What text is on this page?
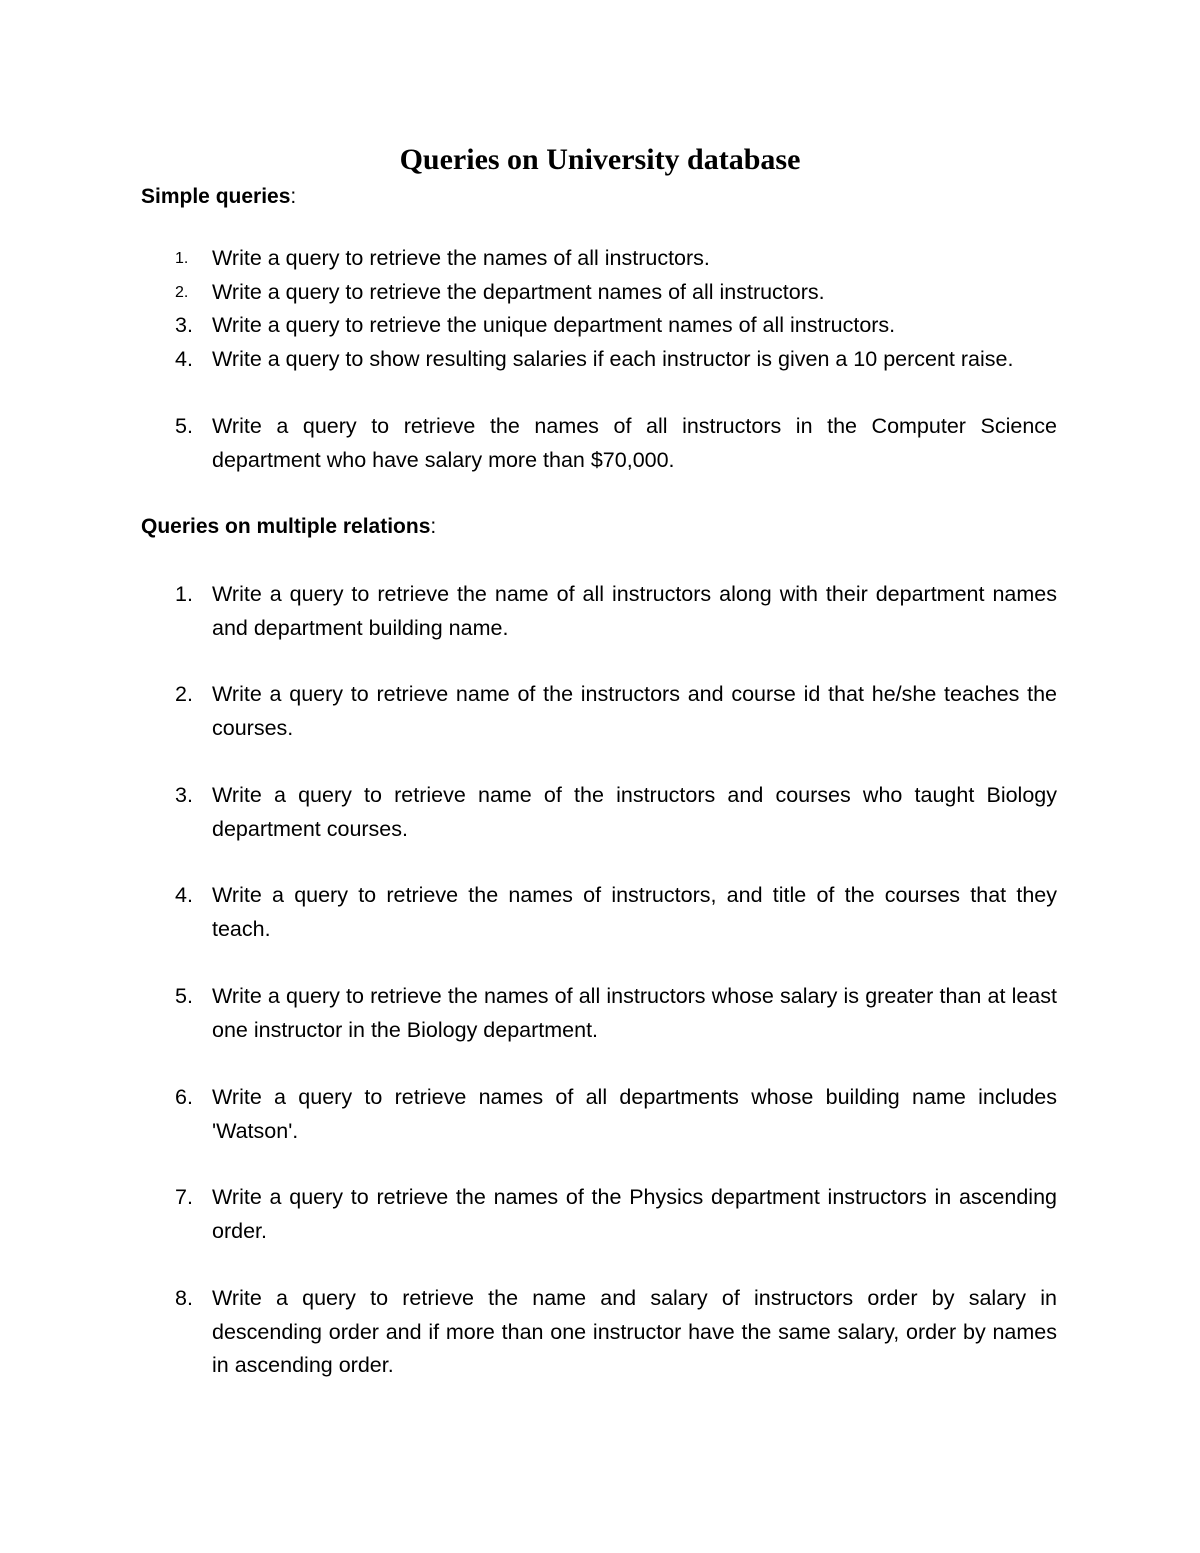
Queries on University database
Simple queries:
1.	Write a query to retrieve the names of all instructors.

2.	Write a query to retrieve the department names of all instructors.

3. Write a query to retrieve the unique department names of all instructors.

4. Write a query to show resulting salaries if each instructor is given a 10 percent raise.

5. Write a query to retrieve the names of all instructors in the Computer Science department who have salary more than $70,000.

Queries on multiple relations:
1. Write a query to retrieve the name of all instructors along with their department names and department building name.

2. Write a query to retrieve name of the instructors and course id that he/she teaches the courses.

3. Write a query to retrieve name of the instructors and courses who taught Biology department courses.

4. Write a query to retrieve the names of instructors, and title of the courses that they teach.

5. Write a query to retrieve the names of all instructors whose salary is greater than at least one instructor in the Biology department.

6. Write a query to retrieve names of all departments whose building name includes 'Watson'.

7. Write a query to retrieve the names of the Physics department instructors in ascending order.

8. Write a query to retrieve the name and salary of instructors order by salary in descending order and if more than one instructor have the same salary, order by names in ascending order.
